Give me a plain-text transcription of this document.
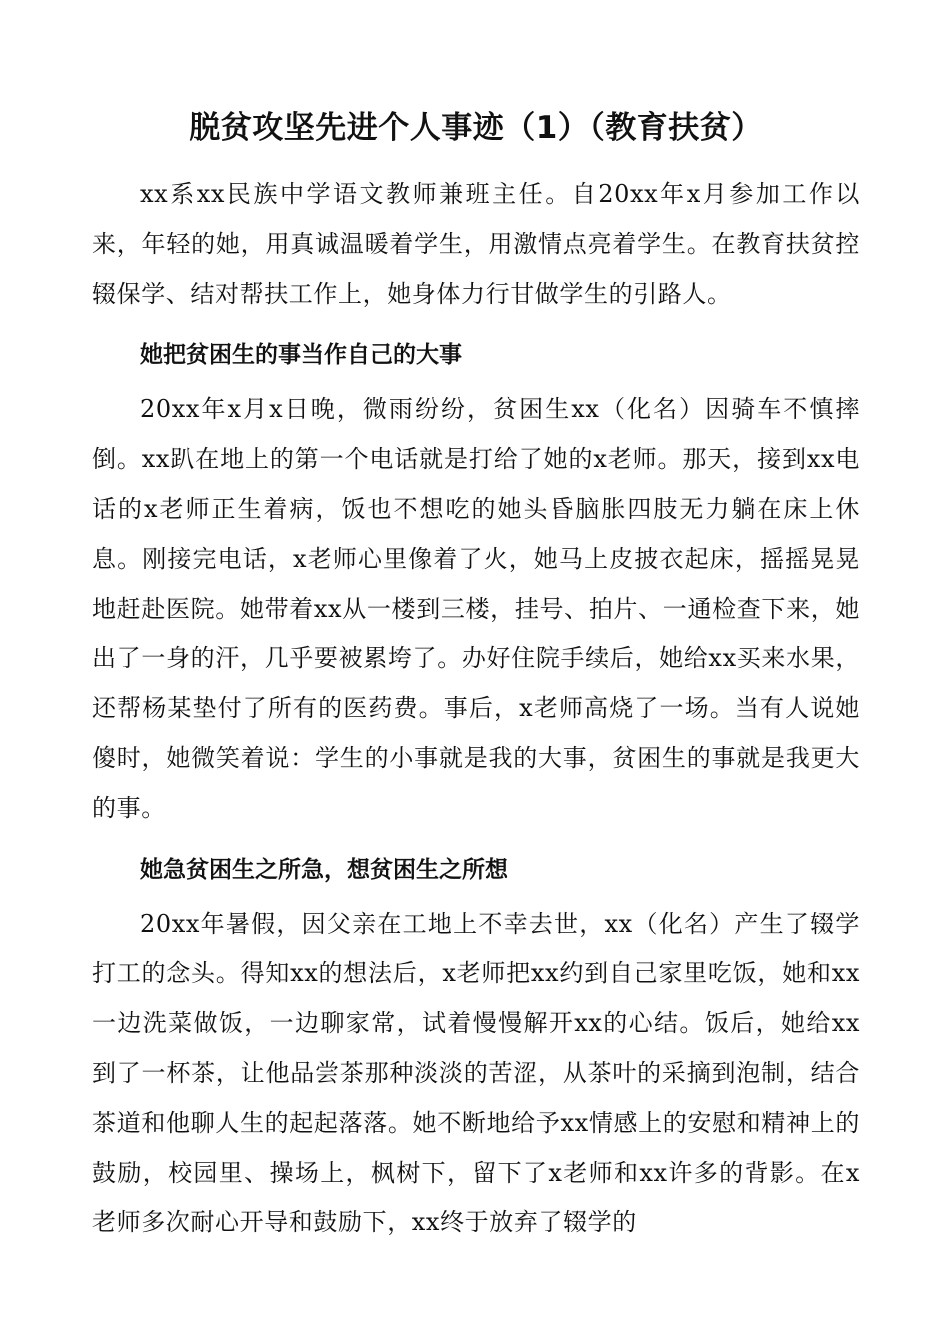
脱贫攻坚先进个人事迹（1）（教育扶贫）

xx系xx民族中学语文教师兼班主任。自20xx年x月参加工作以来，年轻的她，用真诚温暖着学生，用激情点亮着学生。在教育扶贫控辍保学、结对帮扶工作上，她身体力行甘做学生的引路人。

她把贫困生的事当作自己的大事

20xx年x月x日晚，微雨纷纷，贫困生xx（化名）因骑车不慎摔倒。xx趴在地上的第一个电话就是打给了她的x老师。那天，接到xx电话的x老师正生着病，饭也不想吃的她头昏脑胀四肢无力躺在床上休息。刚接完电话，x老师心里像着了火，她马上皮披衣起床，摇摇晃晃地赶赴医院。她带着xx从一楼到三楼，挂号、拍片、一通检查下来，她出了一身的汗，几乎要被累垮了。办好住院手续后，她给xx买来水果，还帮杨某垫付了所有的医药费。事后，x老师高烧了一场。当有人说她傻时，她微笑着说：学生的小事就是我的大事，贫困生的事就是我更大的事。

她急贫困生之所急，想贫困生之所想

20xx年暑假，因父亲在工地上不幸去世，xx（化名）产生了辍学打工的念头。得知xx的想法后，x老师把xx约到自己家里吃饭，她和xx一边洗菜做饭，一边聊家常，试着慢慢解开xx的心结。饭后，她给xx到了一杯茶，让他品尝茶那种淡淡的苦涩，从茶叶的采摘到泡制，结合茶道和他聊人生的起起落落。她不断地给予xx情感上的安慰和精神上的鼓励，校园里、操场上，枫树下，留下了x老师和xx许多的背影。在x老师多次耐心开导和鼓励下，xx终于放弃了辍学的
